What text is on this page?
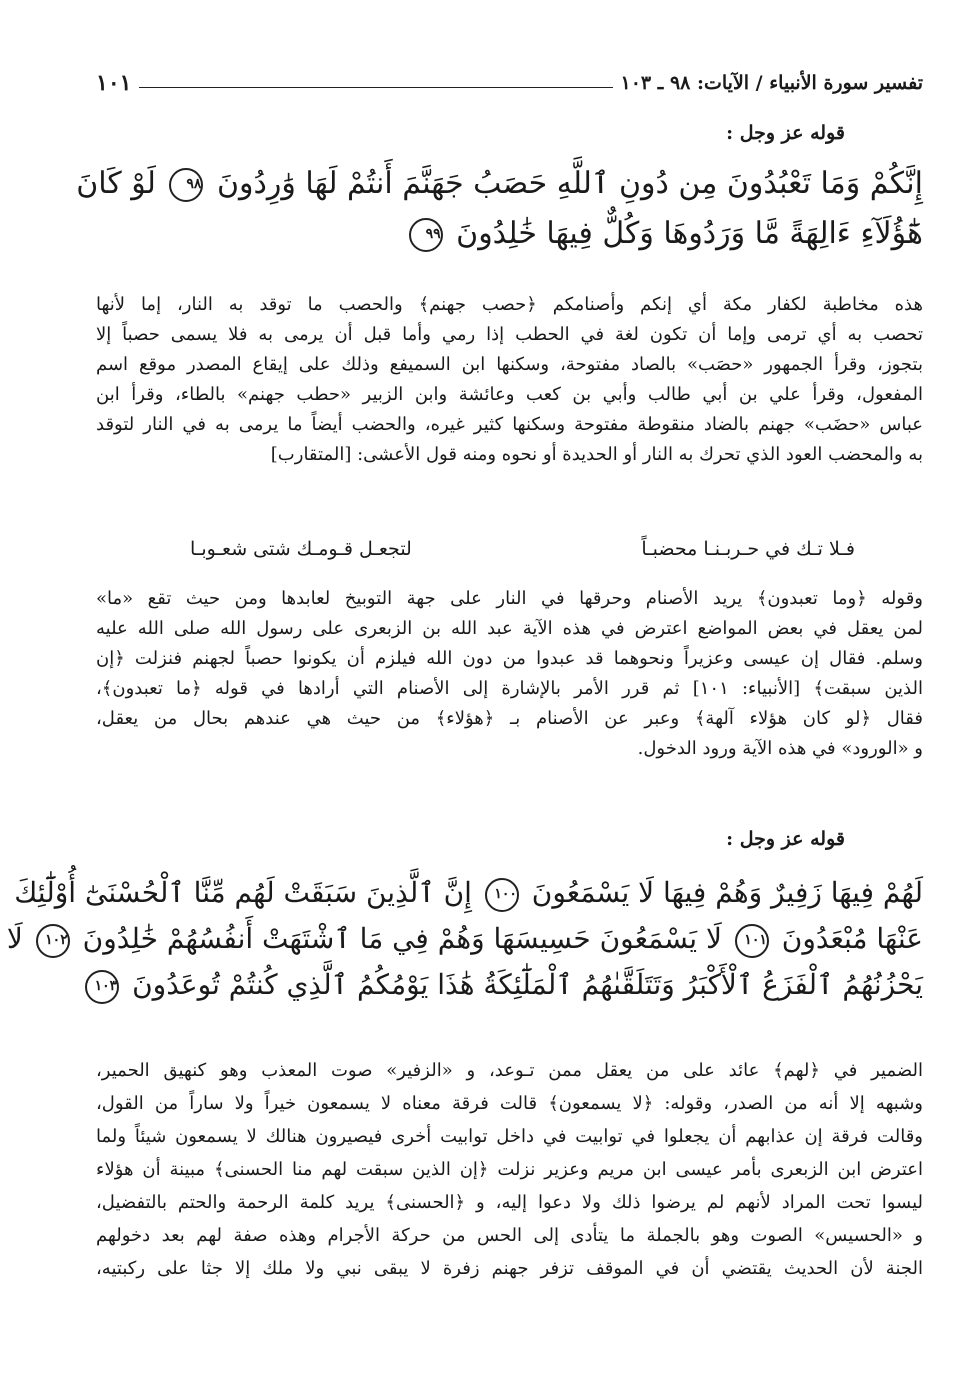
تفسير سورة الأنبياء / الآيات: ٩٨ ـ ١٠٣
١٠١
قوله عز وجل :
إِنَّكُمْ وَمَا تَعْبُدُونَ مِن دُونِ ٱللَّهِ حَصَبُ جَهَنَّمَ أَنتُمْ لَهَا وَٰرِدُونَ ٩٨ لَوْ كَانَ
هَٰٓؤُلَآءِ ءَالِهَةً مَّا وَرَدُوهَا وَكُلٌّ فِيهَا خَٰلِدُونَ ٩٩
هذه مخاطبة لكفار مكة أي إنكم وأصنامكم ﴿حصب جهنم﴾ والحصب ما توقد به النار، إما لأنها
تحصب به أي ترمى وإما أن تكون لغة في الحطب إذا رمي وأما قبل أن يرمى به فلا يسمى حصباً إلا
بتجوز، وقرأ الجمهور «حصَب» بالصاد مفتوحة، وسكنها ابن السميفع وذلك على إيقاع المصدر موقع اسم
المفعول، وقرأ علي بن أبي طالب وأبي بن كعب وعائشة وابن الزبير «حطب جهنم» بالطاء، وقرأ ابن
عباس «حضَب» جهنم بالضاد منقوطة مفتوحة وسكنها كثير غيره، والحضب أيضاً ما يرمى به في النار لتوقد
به والمحضب العود الذي تحرك به النار أو الحديدة أو نحوه ومنه قول الأعشى: [المتقارب]
فـلا تـك في حـربـنـا محضبـاً
لتجعـل قـومـك شتى شعـوبـا
وقوله ﴿وما تعبدون﴾ يريد الأصنام وحرقها في النار على جهة التوبيخ لعابدها ومن حيث تقع «ما»
لمن يعقل في بعض المواضع اعترض في هذه الآية عبد الله بن الزبعرى على رسول الله صلى الله عليه
وسلم. فقال إن عيسى وعزيراً ونحوهما قد عبدوا من دون الله فيلزم أن يكونوا حصباً لجهنم فنزلت ﴿إن
الذين سبقت﴾ [الأنبياء: ١٠١] ثم قرر الأمر بالإشارة إلى الأصنام التي أرادها في قوله ﴿ما تعبدون﴾،
فقال ﴿لو كان هؤلاء آلهة﴾ وعبر عن الأصنام بـ ﴿هؤلاء﴾ من حيث هي عندهم بحال من يعقل،
و «الورود» في هذه الآية ورود الدخول.
قوله عز وجل :
لَهُمْ فِيهَا زَفِيرٌ وَهُمْ فِيهَا لَا يَسْمَعُونَ ١٠٠ إِنَّ ٱلَّذِينَ سَبَقَتْ لَهُم مِّنَّا ٱلْحُسْنَىٰٓ أُوْلَٰٓئِكَ
عَنْهَا مُبْعَدُونَ ١٠١ لَا يَسْمَعُونَ حَسِيسَهَا وَهُمْ فِي مَا ٱشْتَهَتْ أَنفُسُهُمْ خَٰلِدُونَ ١٠٢ لَا
يَحْزُنُهُمُ ٱلْفَزَعُ ٱلْأَكْبَرُ وَتَتَلَقَّىٰهُمُ ٱلْمَلَٰٓئِكَةُ هَٰذَا يَوْمُكُمُ ٱلَّذِي كُنتُمْ تُوعَدُونَ ١٠٣
الضمير في ﴿لهم﴾ عائد على من يعقل ممن تـوعد، و «الزفير» صوت المعذب وهو كنهيق الحمير،
وشبهه إلا أنه من الصدر، وقوله: ﴿لا يسمعون﴾ قالت فرقة معناه لا يسمعون خيراً ولا ساراً من القول،
وقالت فرقة إن عذابهم أن يجعلوا في توابيت في داخل توابيت أخرى فيصيرون هنالك لا يسمعون شيئاً ولما
اعترض ابن الزبعرى بأمر عيسى ابن مريم وعزير نزلت ﴿إن الذين سبقت لهم منا الحسنى﴾ مبينة أن هؤلاء
ليسوا تحت المراد لأنهم لم يرضوا ذلك ولا دعوا إليه، و ﴿الحسنى﴾ يريد كلمة الرحمة والحتم بالتفضيل،
و «الحسيس» الصوت وهو بالجملة ما يتأدى إلى الحس من حركة الأجرام وهذه صفة لهم بعد دخولهم
الجنة لأن الحديث يقتضي أن في الموقف تزفر جهنم زفرة لا يبقى نبي ولا ملك إلا جثا على ركبتيه،
